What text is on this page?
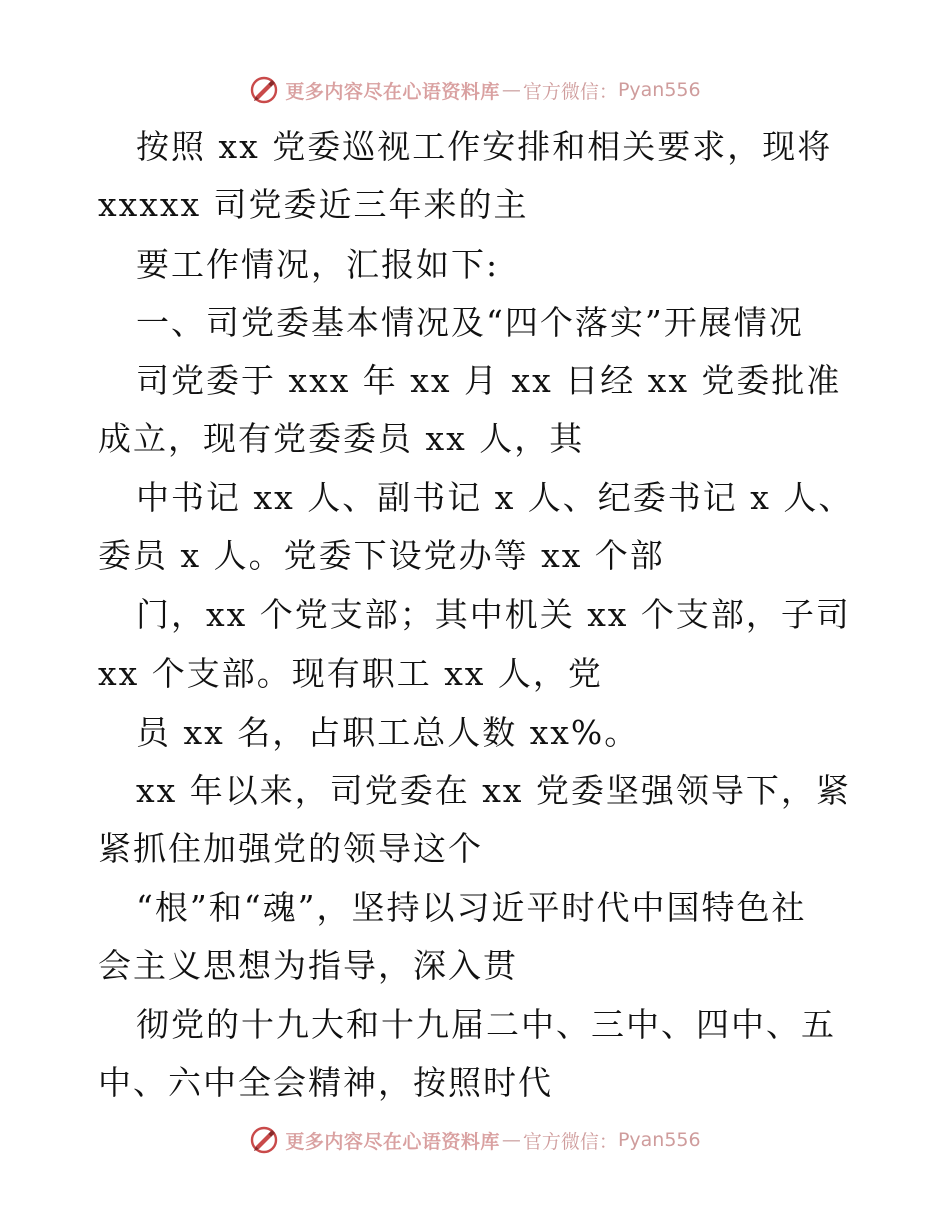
更多内容尽在心语资料库 — 官方微信： Pyan556
按照 xx 党委巡视工作安排和相关要求，现将
xxxxx 司党委近三年来的主
要工作情况，汇报如下:
一、司党委基本情况及“四个落实”开展情况
司党委于 xxx 年 xx 月 xx 日经 xx 党委批准
成立，现有党委委员 xx 人，其
中书记 xx 人、副书记 x 人、纪委书记 x 人、
委员 x 人。党委下设党办等 xx 个部
门，xx 个党支部；其中机关 xx 个支部，子司
xx 个支部。现有职工 xx 人，党
员 xx 名，占职工总人数 xx%。
xx 年以来，司党委在 xx 党委坚强领导下，紧
紧抓住加强党的领导这个
“根”和“魂”，坚持以习近平时代中国特色社
会主义思想为指导，深入贯
彻党的十九大和十九届二中、三中、四中、五
中、六中全会精神，按照时代
更多内容尽在心语资料库 — 官方微信： Pyan556
